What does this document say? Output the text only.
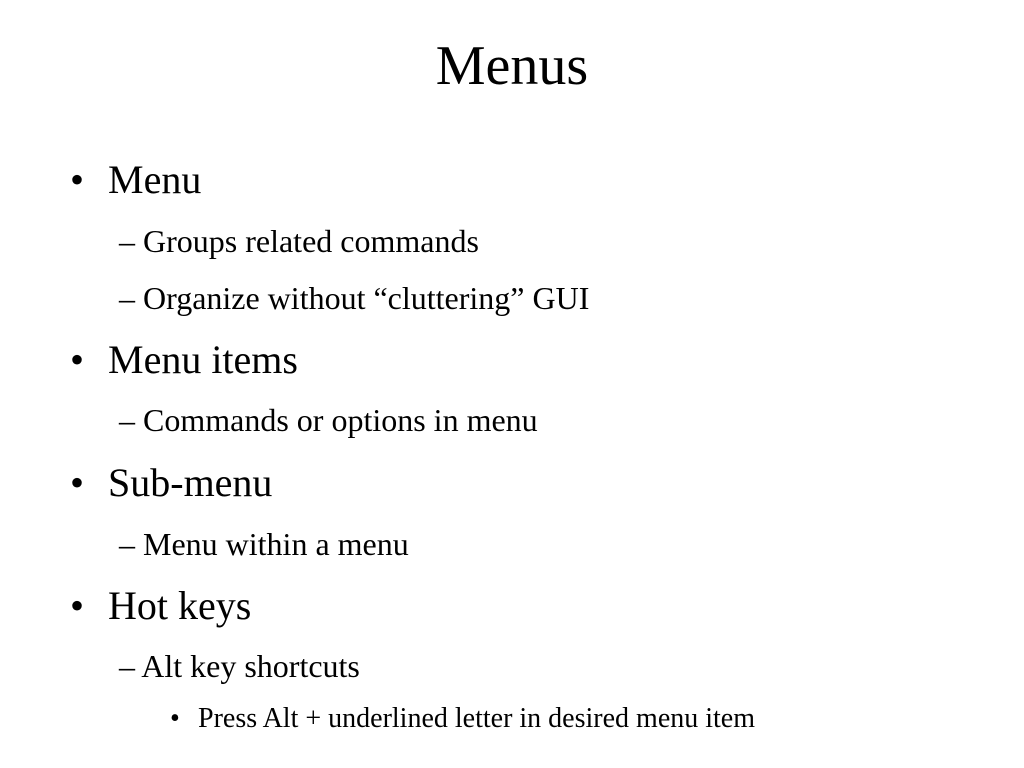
Menus
• Menu
– Groups related commands
– Organize without “cluttering” GUI
• Menu items
– Commands or options in menu
• Sub-menu
– Menu within a menu
• Hot keys
– Alt key shortcuts
• Press Alt + underlined letter in desired menu item
